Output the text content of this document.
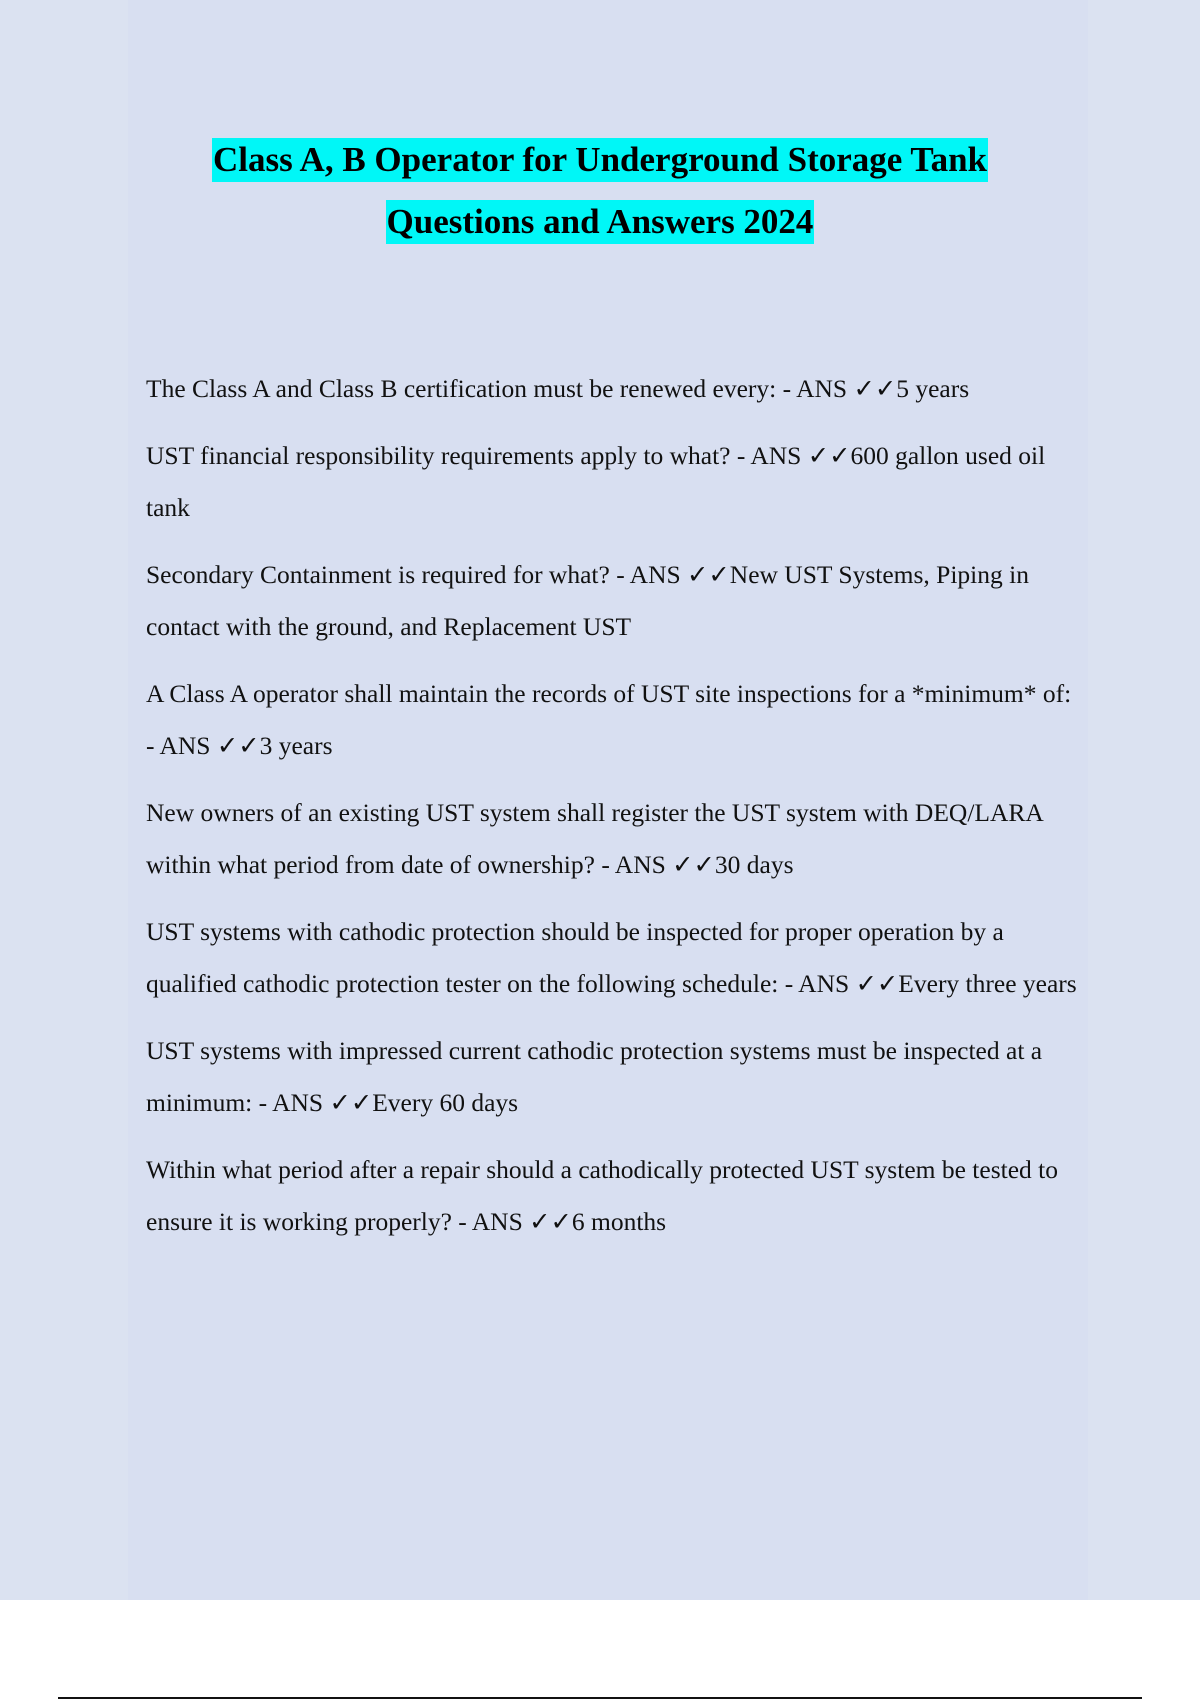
Class A, B Operator for Underground Storage Tank
Questions and Answers 2024
The Class A and Class B certification must be renewed every: - ANS ✓✓5 years
UST financial responsibility requirements apply to what? - ANS ✓✓600 gallon used oil tank
Secondary Containment is required for what? - ANS ✓✓New UST Systems, Piping in contact with the ground, and Replacement UST
A Class A operator shall maintain the records of UST site inspections for a *minimum* of: - ANS ✓✓3 years
New owners of an existing UST system shall register the UST system with DEQ/LARA within what period from date of ownership? - ANS ✓✓30 days
UST systems with cathodic protection should be inspected for proper operation by a qualified cathodic protection tester on the following schedule: - ANS ✓✓Every three years
UST systems with impressed current cathodic protection systems must be inspected at a minimum: - ANS ✓✓Every 60 days
Within what period after a repair should a cathodically protected UST system be tested to ensure it is working properly? - ANS ✓✓6 months
